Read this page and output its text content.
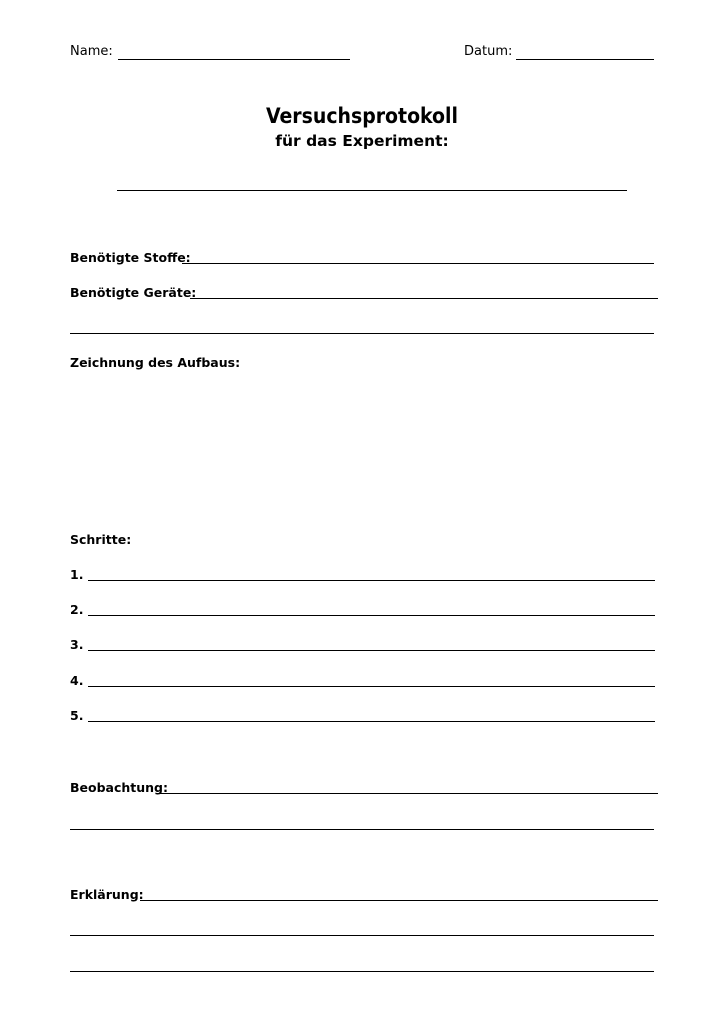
Name:	Datum:
Versuchsprotokoll
für das Experiment:
Benötigte Stoffe:
Benötigte Geräte:
Zeichnung des Aufbaus:
Schritte:
1.
2.
3.
4.
5.
Beobachtung:
Erklärung:
